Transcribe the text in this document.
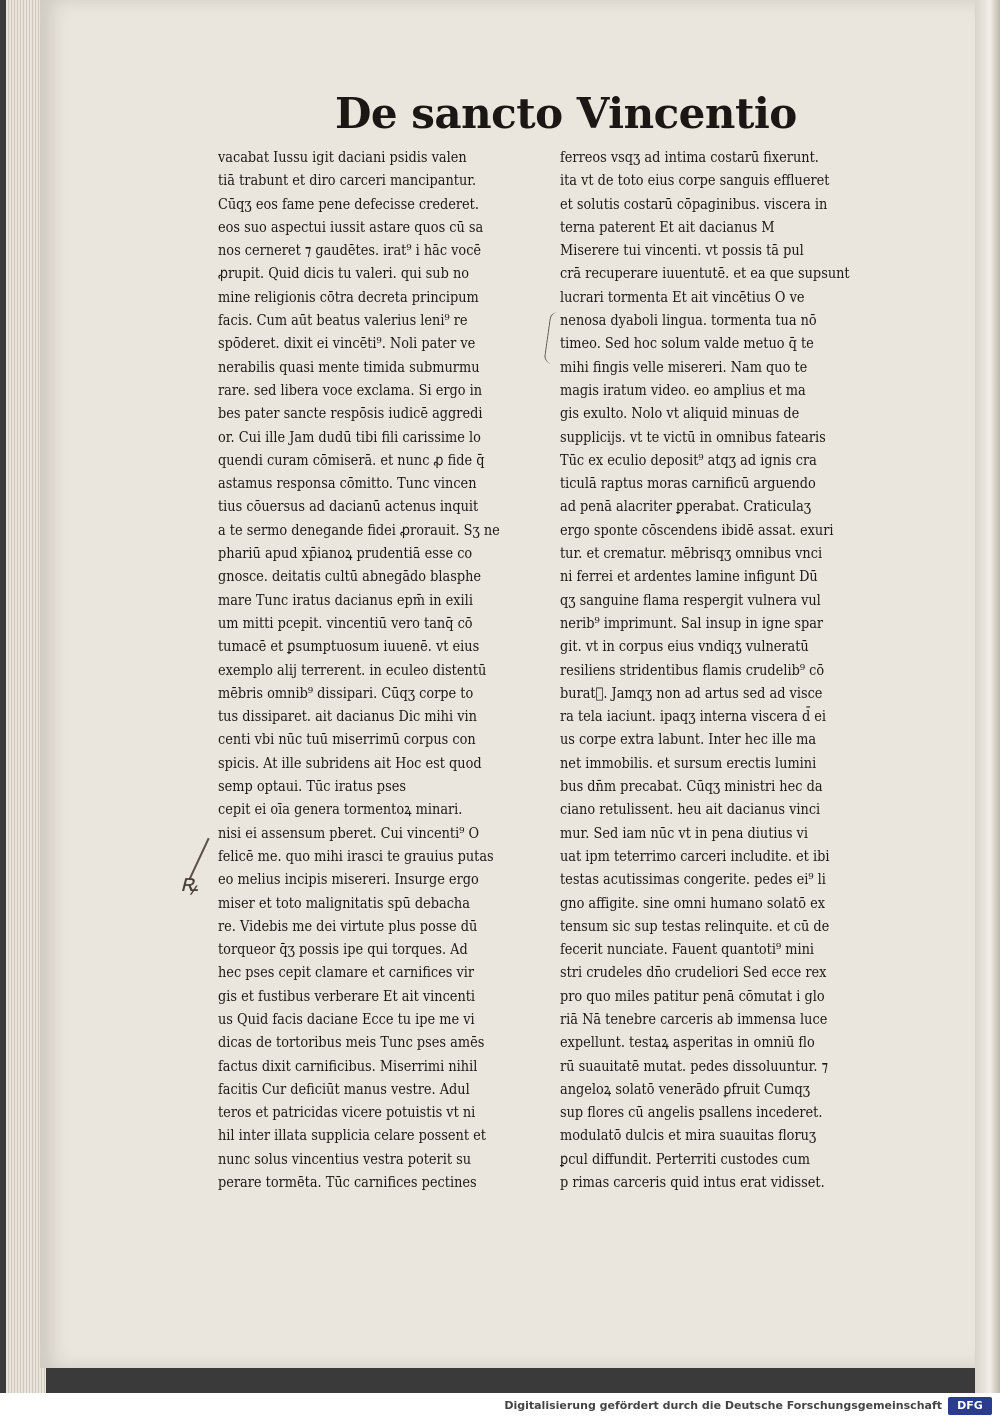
De sancto Vincentio
vacabat Iussu igit daciani psidis valen
tiā trabunt et diro carceri mancipantur.
Cūqʒ eos fame pene defecisse crederet.
eos suo aspectui iussit astare quos cū sa
nos cerneret ⁊ gaudētes. irat⁹ i hāc vocē
ꝓrupit. Quid dicis tu valeri. qui sub no
mine religionis cōtra decreta principum
facis. Cum aūt beatus valerius leni⁹ re
spōderet. dixit ei vincēti⁹. Noli pater ve
nerabilis quasi mente timida submurmu
rare. sed libera voce exclama. Si ergo in
bes pater sancte respōsis iudicē aggredi
or. Cui ille Jam dudū tibi fili carissime lo
quendi curam cōmiserā. et nunc ꝓ fide q̄
astamus responsa cōmitto. Tunc vincen
tius cōuersus ad dacianū actenus inquit
a te sermo denegande fidei ꝓrorauit. Sʒ ne
phariū apud xp̄ianoꝝ prudentiā esse co
gnosce. deitatis cultū abnegādo blasphe
mare Tunc iratus dacianus epm̄ in exili
um mitti pcepit. vincentiū vero tanq̄ cō
tumacē et ꝑsumptuosum iuuenē. vt eius
exemplo alij terrerent. in eculeo distentū
mēbris omnib⁹ dissipari. Cūqʒ corpe to
tus dissiparet. ait dacianus Dic mihi vin
centi vbi nūc tuū miserrimū corpus con
spicis. At ille subridens ait Hoc est quod
semp optaui. Tūc iratus pses
cepit ei oīa genera tormentoꝝ minari.
nisi ei assensum pberet. Cui vincenti⁹ O
felicē me. quo mihi irasci te grauius putas
eo melius incipis misereri. Insurge ergo
miser et toto malignitatis spū debacha
re. Videbis me dei virtute plus posse dū
torqueor q̄ʒ possis ipe qui torques. Ad
hec pses cepit clamare et carnifices vir
gis et fustibus verberare Et ait vincenti
us Quid facis daciane Ecce tu ipe me vi
dicas de tortoribus meis Tunc pses amēs
factus dixit carnificibus. Miserrimi nihil
facitis Cur deficiūt manus vestre. Adul
teros et patricidas vicere potuistis vt ni
hil inter illata supplicia celare possent et
nunc solus vincentius vestra poterit su
perare tormēta. Tūc carnifices pectines
ferreos vsqʒ ad intima costarū fixerunt.
ita vt de toto eius corpe sanguis efflueret
et solutis costarū cōpaginibus. viscera in
terna paterent Et ait dacianus M
Miserere tui vincenti. vt possis tā pul
crā recuperare iuuentutē. et ea que supsunt
lucrari tormenta Et ait vincētius O ve
nenosa dyaboli lingua. tormenta tua nō
timeo. Sed hoc solum valde metuo q̄ te
mihi fingis velle misereri. Nam quo te
magis iratum video. eo amplius et ma
gis exulto. Nolo vt aliquid minuas de
supplicijs. vt te victū in omnibus fatearis
Tūc ex eculio deposit⁹ atqʒ ad ignis cra
ticulā raptus moras carnificū arguendo
ad penā alacriter ꝑperabat. Craticulaʒ
ergo sponte cōscendens ibidē assat. exuri
tur. et crematur. mēbrisqʒ omnibus vnci
ni ferrei et ardentes lamine infigunt Dū
qʒ sanguine flama respergit vulnera vul
nerib⁹ imprimunt. Sal insup in igne spar
git. vt in corpus eius vndiqʒ vulneratū
resiliens stridentibus flamis crudelib⁹ cō
buratᷓ. Jamqʒ non ad artus sed ad visce
ra tela iaciunt. ipaqʒ interna viscera d̄ ei
us corpe extra labunt. Inter hec ille ma
net immobilis. et sursum erectis lumini
bus dn̄m precabat. Cūqʒ ministri hec da
ciano retulissent. heu ait dacianus vinci
mur. Sed iam nūc vt in pena diutius vi
uat ipm teterrimo carceri includite. et ibi
testas acutissimas congerite. pedes ei⁹ li
gno affigite. sine omni humano solatō ex
tensum sic sup testas relinquite. et cū de
fecerit nunciate. Fauent quantoti⁹ mini
stri crudeles dn̄o crudeliori Sed ecce rex
pro quo miles patitur penā cōmutat i glo
riā Nā tenebre carceris ab immensa luce
expellunt. testaꝝ asperitas in omniū flo
rū suauitatē mutat. pedes dissoluuntur. ⁊
angeloꝝ solatō venerādo ꝑfruit Cumqʒ
sup flores cū angelis psallens incederet.
modulatō dulcis et mira suauitas floruʒ
ꝑcul diffundit. Perterriti custodes cum
p rimas carceris quid intus erat vidisset.
ꝶ
Digitalisierung gefördert durch die Deutsche Forschungsgemeinschaft	DFG
